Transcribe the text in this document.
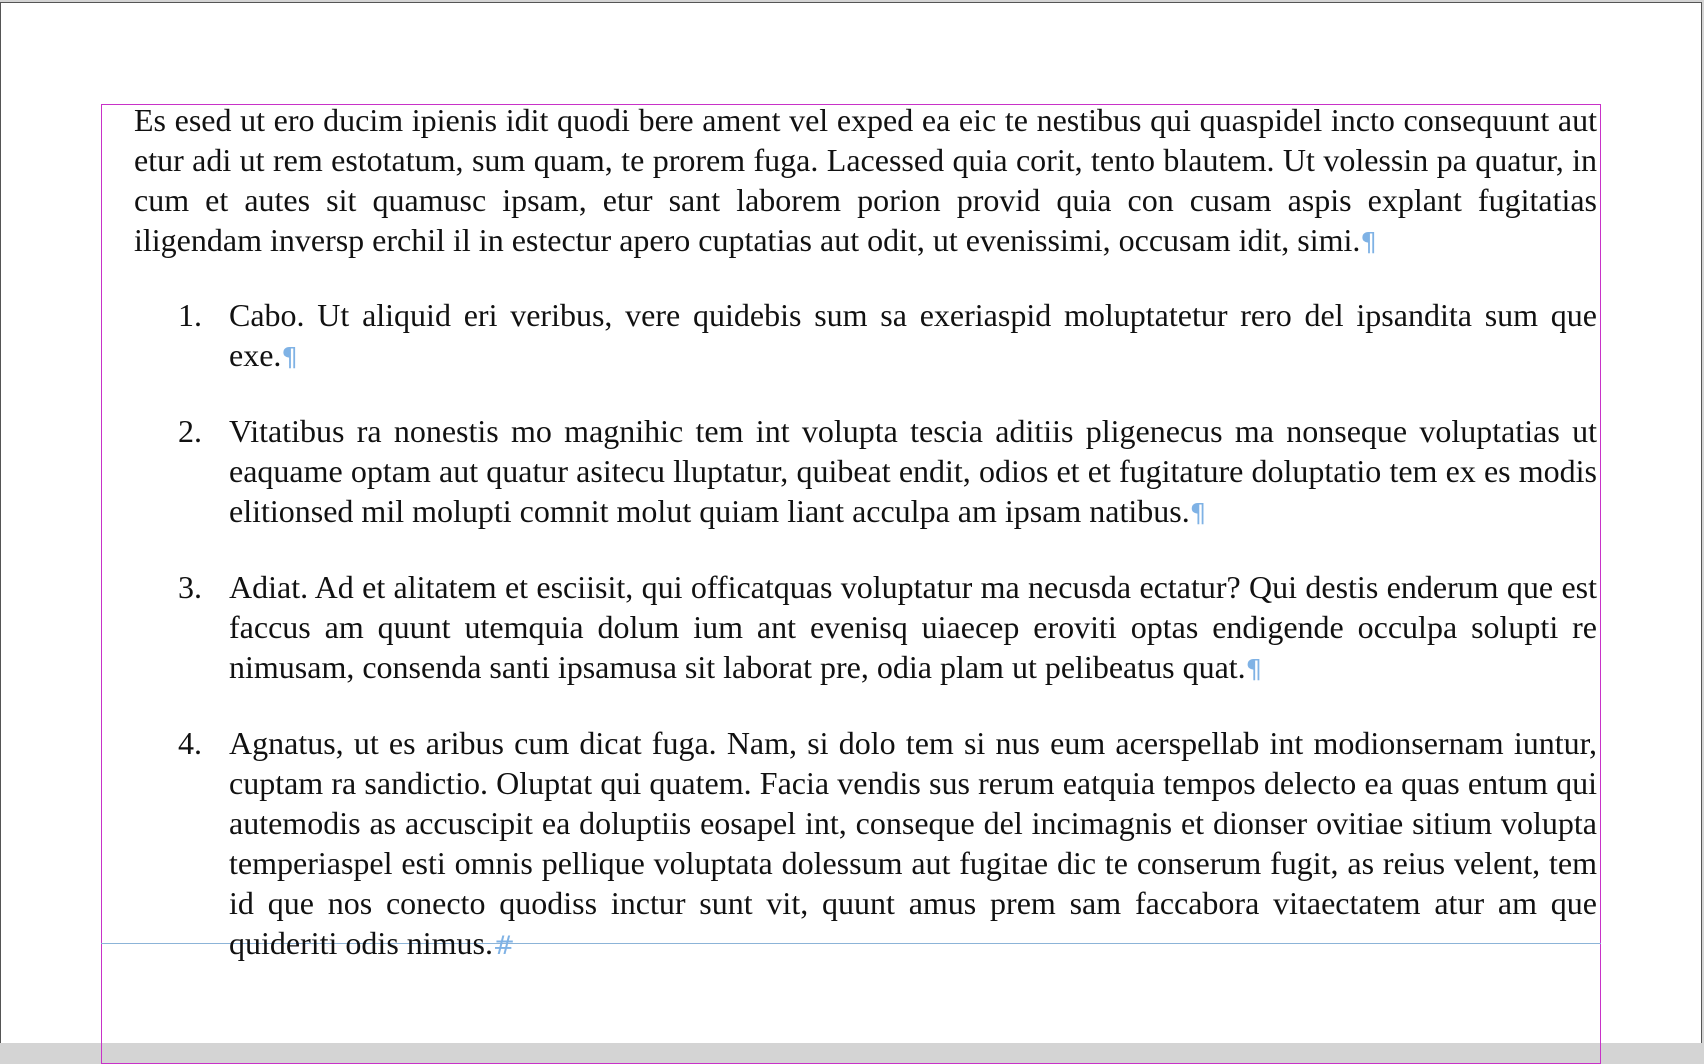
Es esed ut ero ducim ipienis idit quodi bere ament vel exped ea eic te nestibus qui quaspidel incto consequunt aut etur adi ut rem estotatum, sum quam, te prorem fuga. Lacessed quia corit, tento blautem. Ut volessin pa quatur, in cum et autes sit quamusc ipsam, etur sant laborem porion provid quia con cusam aspis explant fugitatias iligendam inversp erchil il in estectur apero cuptatias aut odit, ut evenissimi, occusam idit, simi.¶

1. Cabo. Ut aliquid eri veribus, vere quidebis sum sa exeriaspid moluptatetur rero del ipsandita sum que exe.¶
2. Vitatibus ra nonestis mo magnihic tem int volupta tescia aditiis pligenecus ma nonseque voluptatias ut eaquame optam aut quatur asitecu lluptatur, quibeat endit, odios et et fugitature doluptatio tem ex es modis elitionsed mil molupti comnit molut quiam liant acculpa am ipsam natibus.¶
3. Adiat. Ad et alitatem et esciisit, qui officatquas voluptatur ma necusda ectatur? Qui destis enderum que est faccus am quunt utemquia dolum ium ant evenisq uiaecep eroviti optas endigende occulpa solupti re nimusam, consenda santi ipsamusa sit laborat pre, odia plam ut pelibeatus quat.¶
4. Agnatus, ut es aribus cum dicat fuga. Nam, si dolo tem si nus eum acerspellab int modionsernam iuntur, cuptam ra sandictio. Oluptat qui quatem. Facia vendis sus rerum eatquia tempos delecto ea quas entum qui autemodis as accuscipit ea doluptiis eosapel int, conseque del incimagnis et dionser ovitiae sitium volupta temperiaspel esti omnis pellique voluptata dolessum aut fugitae dic te conserum fugit, as reius velent, tem id que nos conecto quodiss inctur sunt vit, quunt amus prem sam faccabora vitaectatem atur am que quideriti odis nimus.#
